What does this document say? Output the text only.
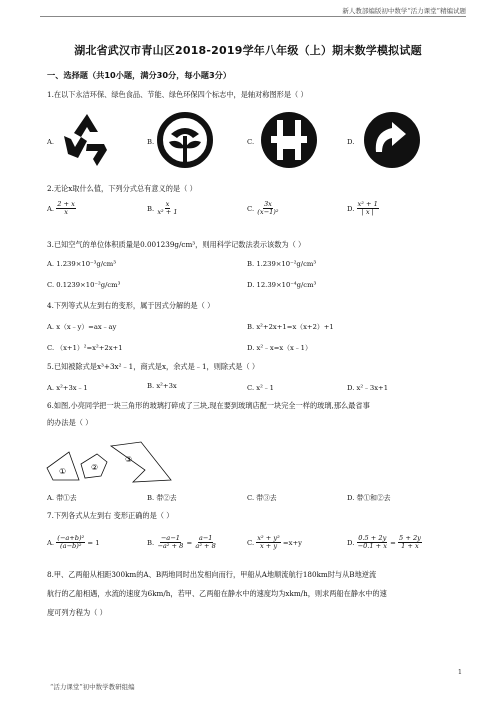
新人教部编版初中数学“活力课堂”精编试题
湖北省武汉市青山区2018-2019学年八年级（上）期末数学模拟试题
一、选择题（共10小题，满分30分，每小题3分）
1.在以下永洁环保、绿色食品、节能、绿色环保四个标志中，是轴对称图形是（ ）
A.	B.	C.	D.
2.无论x取什么值，下列分式总有意义的是（ ）
A. $\frac{2 + x}{x}$	B. $\frac{x}{\text{x² + 1}}$	C. $\frac{3x}{\text{(x−1)²}}$	D. $\frac{\text{x² + 1}}{| x |}$
3.已知空气的单位体积质量是0.001239g/cm³，则用科学记数法表示该数为（ ）
A. 1.239×10⁻³g/cm³	B. 1.239×10⁻²g/cm³
C. 0.1239×10⁻²g/cm³	D. 12.39×10⁻⁴g/cm³
4.下列等式从左到右的变形，属于因式分解的是（ ）
A. x（x﹣y）=ax﹣ay	B. x²+2x+1=x（x+2）+1
C. （x+1）²=x²+2x+1	D. x²﹣x=x（x﹣1）
5.已知被除式是x³+3x²﹣1，商式是x，余式是﹣1，则除式是（ ）
A. x²+3x﹣1	B. x²+3x	C. x²﹣1	D. x²﹣3x+1
6.如图,小亮同学把一块三角形的玻璃打碎成了三块,现在要到玻璃店配一块完全一样的玻璃,那么最省事
的办法是（ ）
①	②
③
A. 带①去	B. 带②去	C. 带③去	D. 带①和②去
7.下列各式从左到右 变形正确的是（ ）
A. $\frac{\text{(−a+b)²}}{\text{(a−b)²}} = 1$	B. $\frac{-a-1}{\text{−a² + 8}} = \frac{a-1}{\text{a² + 8}}$	C. $\frac{\text{x² + y²}}{x + y} =x+y$	D. $\frac{0.5 + 2y}{-0.1 + x} = \frac{5 + 2y}{1 + x}$
8.甲、乙两船从相距300km的A、B两地同时出发相向而行，甲船从A地顺流航行180km时与从B地逆流
航行的乙船相遇，水流的速度为6km/h，若甲、乙两船在静水中的速度均为xkm/h，则求两船在静水中的速
度可列方程为（ ）
1
“活力课堂”初中数学教研组编
